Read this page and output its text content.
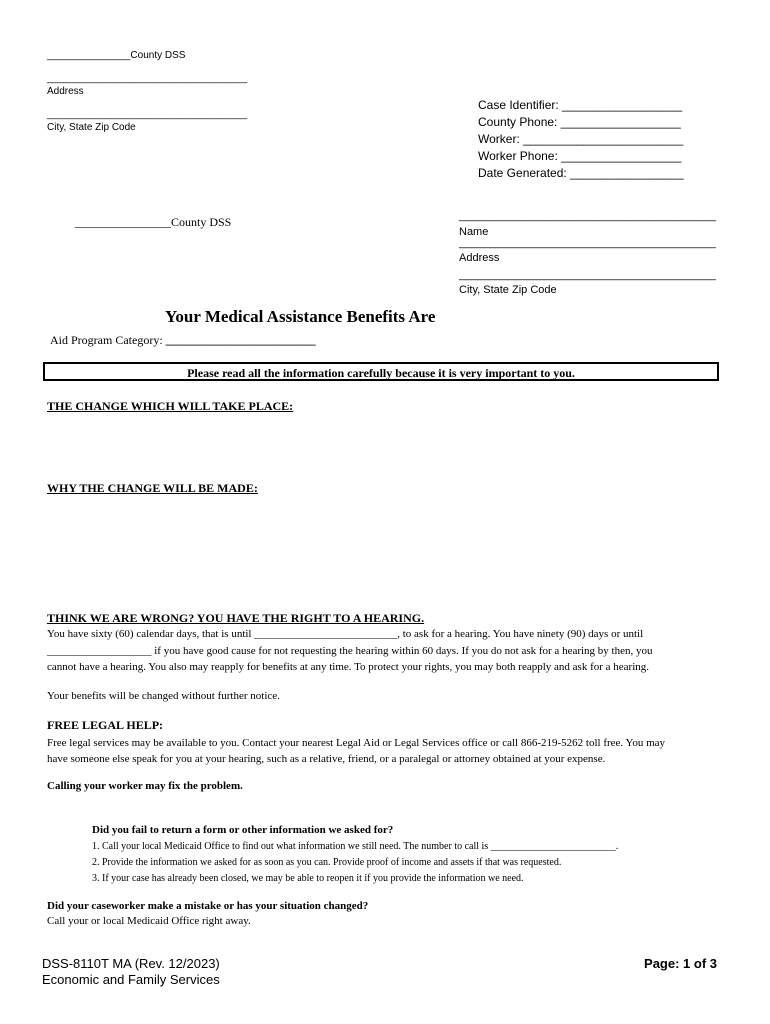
_______________County DSS
____________________________________
Address
____________________________________
City, State Zip Code
Case Identifier: __________________
County Phone: __________________
Worker: ________________________
Worker Phone: __________________
Date Generated: _________________
________________County DSS	__________________________________________
Name
__________________________________________
Address
__________________________________________
City, State Zip Code
Your Medical Assistance Benefits Are
Aid Program Category: _________________________
Please read all the information carefully because it is very important to you.
THE CHANGE WHICH WILL TAKE PLACE:
WHY THE CHANGE WILL BE MADE:
THINK WE ARE WRONG? YOU HAVE THE RIGHT TO A HEARING.
You have sixty (60) calendar days, that is until __________________________, to ask for a hearing. You have ninety (90) days or until
___________________ if you have good cause for not requesting the hearing within 60 days. If you do not ask for a hearing by then, you
cannot have a hearing. You also may reapply for benefits at any time. To protect your rights, you may both reapply and ask for a hearing.
Your benefits will be changed without further notice.
FREE LEGAL HELP:
Free legal services may be available to you. Contact your nearest Legal Aid or Legal Services office or call 866-219-5262 toll free. You may
have someone else speak for you at your hearing, such as a relative, friend, or a paralegal or attorney obtained at your expense.
Calling your worker may fix the problem.
Did you fail to return a form or other information we asked for?
1. Call your local Medicaid Office to find out what information we still need. The number to call is _________________________.
2. Provide the information we asked for as soon as you can. Provide proof of income and assets if that was requested.
3. If your case has already been closed, we may be able to reopen it if you provide the information we need.
Did your caseworker make a mistake or has your situation changed?
Call your or local Medicaid Office right away.
DSS-8110T MA (Rev. 12/2023)
Economic and Family Services
Page: 1 of 3
